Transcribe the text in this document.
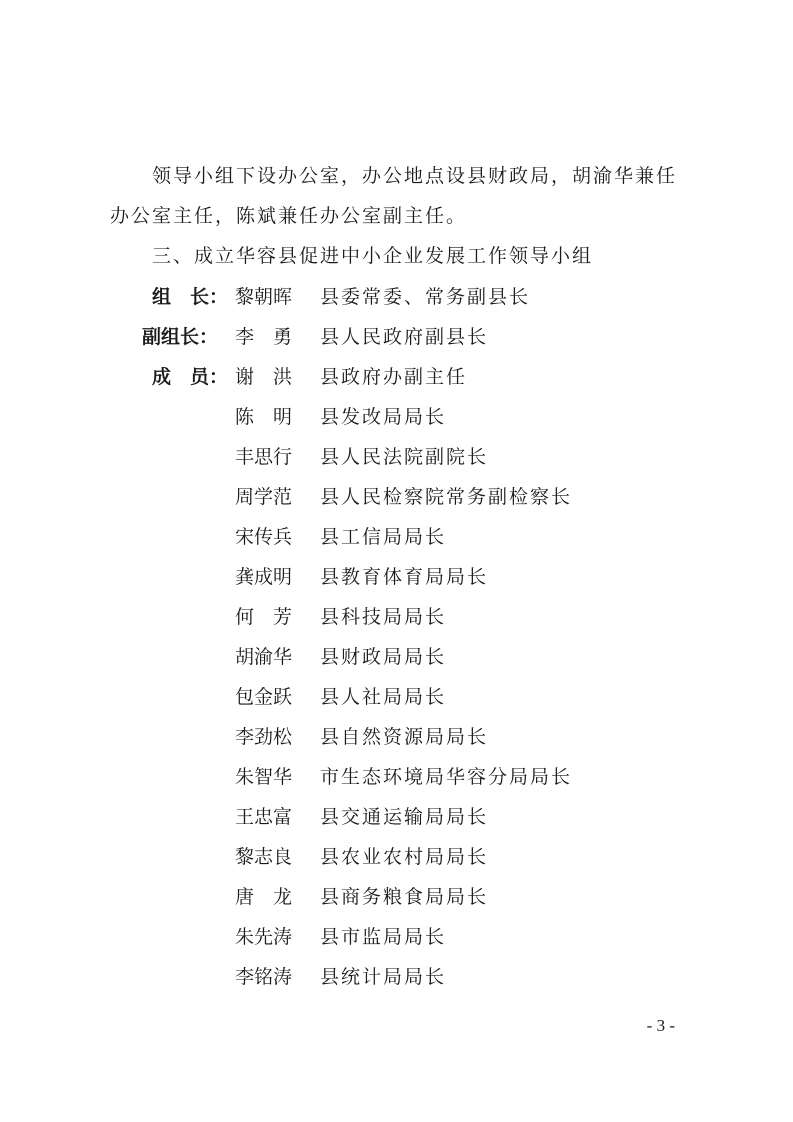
领导小组下设办公室，办公地点设县财政局，胡渝华兼任
办公室主任，陈斌兼任办公室副主任。
三、成立华容县促进中小企业发展工作领导小组
组　长：
副组长：
成　员：
黎朝晖 县委常委、常务副县长
李　勇 县人民政府副县长
谢　洪 县政府办副主任
陈　明 县发改局局长
丰思行 县人民法院副院长
周学范 县人民检察院常务副检察长
宋传兵 县工信局局长
龚成明 县教育体育局局长
何　芳 县科技局局长
胡渝华 县财政局局长
包金跃 县人社局局长
李劲松 县自然资源局局长
朱智华 市生态环境局华容分局局长
王忠富 县交通运输局局长
黎志良 县农业农村局局长
唐　龙 县商务粮食局局长
朱先涛 县市监局局长
李铭涛 县统计局局长
- 3 -
